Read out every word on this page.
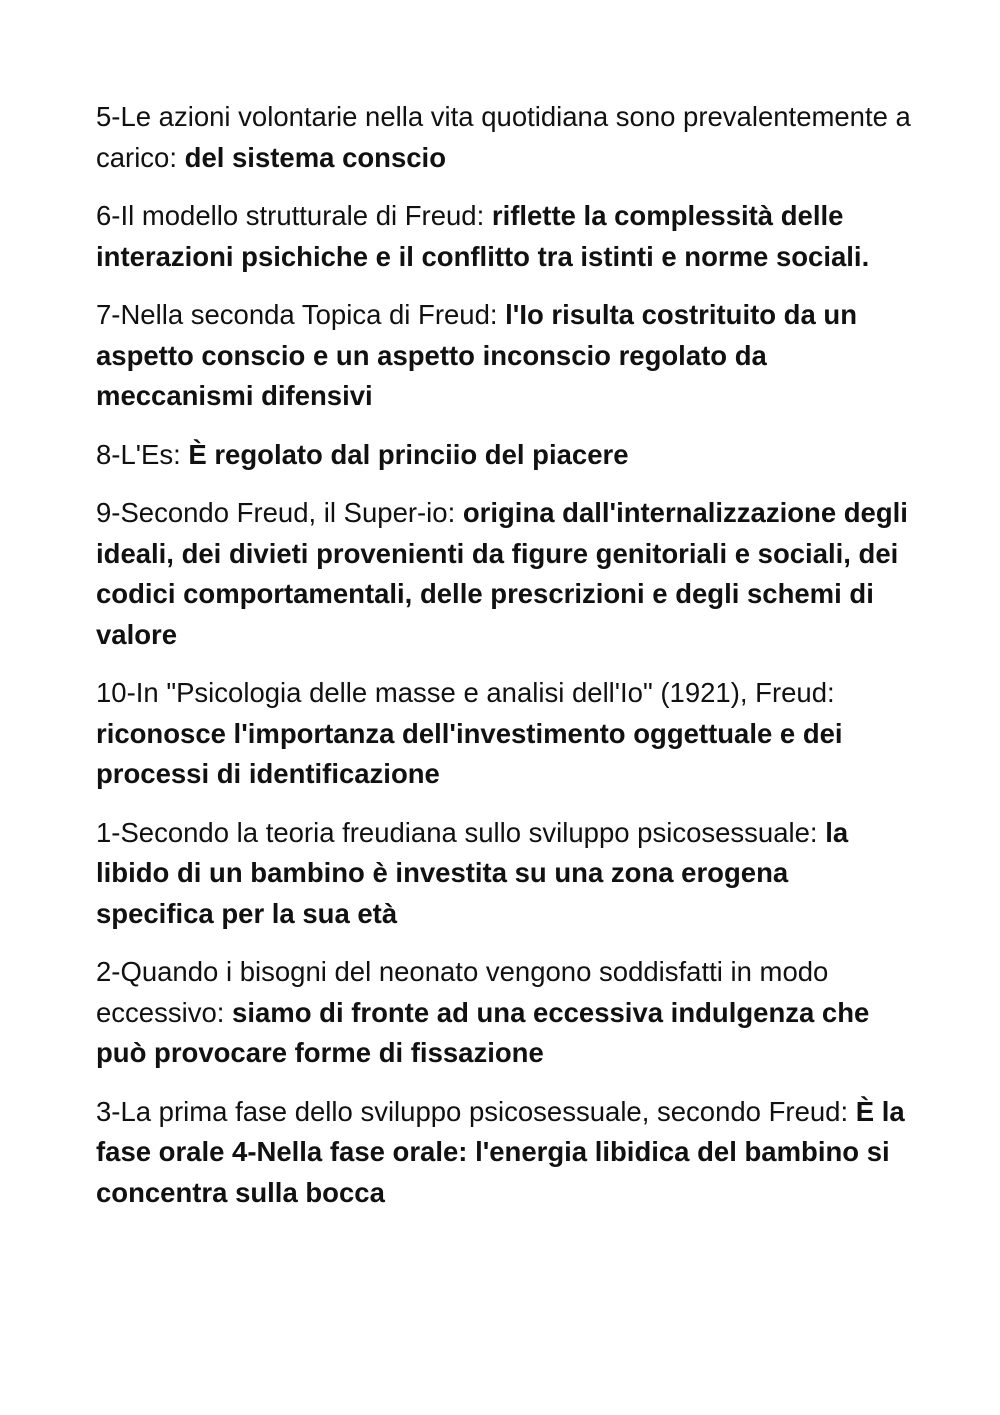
5-Le azioni volontarie nella vita quotidiana sono prevalentemente a carico: del sistema conscio

6-Il modello strutturale di Freud: riflette la complessità delle interazioni psichiche e il conflitto tra istinti e norme sociali.

7-Nella seconda Topica di Freud: l'Io risulta costrituito da un aspetto conscio e un aspetto inconscio regolato da meccanismi difensivi

8-L'Es: È regolato dal princiio del piacere

9-Secondo Freud, il Super-io: origina dall'internalizzazione degli ideali, dei divieti provenienti da figure genitoriali e sociali, dei codici comportamentali, delle prescrizioni e degli schemi di valore

10-In "Psicologia delle masse e analisi dell'Io" (1921), Freud: riconosce l'importanza dell'investimento oggettuale e dei processi di identificazione

1-Secondo la teoria freudiana sullo sviluppo psicosessuale: la libido di un bambino è investita su una zona erogena specifica per la sua età

2-Quando i bisogni del neonato vengono soddisfatti in modo eccessivo: siamo di fronte ad una eccessiva indulgenza che può provocare forme di fissazione

3-La prima fase dello sviluppo psicosessuale, secondo Freud: È la fase orale 4-Nella fase orale: l'energia libidica del bambino si concentra sulla bocca
